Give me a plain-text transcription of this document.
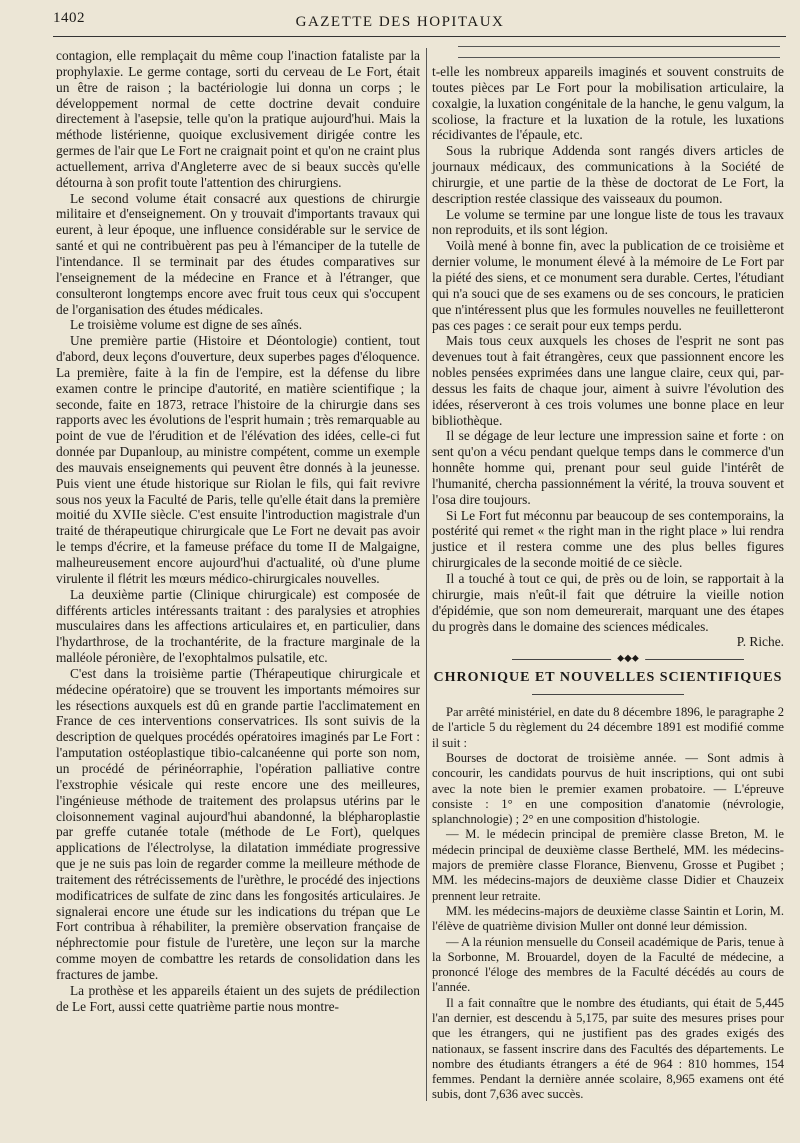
1402	GAZETTE DES HOPITAUX

contagion, elle remplaçait du même coup l'inaction fataliste par la prophylaxie. Le germe contage, sorti du cerveau de Le Fort, était un être de raison ; la bactériologie lui donna un corps ; le développement normal de cette doctrine devait conduire directement à l'asepsie, telle qu'on la pratique aujourd'hui. Mais la méthode listérienne, quoique exclusivement dirigée contre les germes de l'air que Le Fort ne craignait point et qu'on ne craint plus actuellement, arriva d'Angleterre avec de si beaux succès qu'elle détourna à son profit toute l'attention des chirurgiens.

Le second volume était consacré aux questions de chirurgie militaire et d'enseignement. On y trouvait d'importants travaux qui eurent, à leur époque, une influence considérable sur le service de santé et qui ne contribuèrent pas peu à l'émanciper de la tutelle de l'intendance. Il se terminait par des études comparatives sur l'enseignement de la médecine en France et à l'étranger, que consulteront longtemps encore avec fruit tous ceux qui s'occupent de l'organisation des études médicales.

Le troisième volume est digne de ses aînés.

Une première partie (Histoire et Déontologie) contient, tout d'abord, deux leçons d'ouverture, deux superbes pages d'éloquence. La première, faite à la fin de l'empire, est la défense du libre examen contre le principe d'autorité, en matière scientifique ; la seconde, faite en 1873, retrace l'histoire de la chirurgie dans ses rapports avec les évolutions de l'esprit humain ; très remarquable au point de vue de l'érudition et de l'élévation des idées, celle-ci fut donnée par Dupanloup, au ministre compétent, comme un exemple des mauvais enseignements qui peuvent être donnés à la jeunesse. Puis vient une étude historique sur Riolan le fils, qui fait revivre sous nos yeux la Faculté de Paris, telle qu'elle était dans la première moitié du XVIIe siècle. C'est ensuite l'introduction magistrale d'un traité de thérapeutique chirurgicale que Le Fort ne devait pas avoir le temps d'écrire, et la fameuse préface du tome II de Malgaigne, malheureusement encore aujourd'hui d'actualité, où d'une plume virulente il flétrit les mœurs médico-chirurgicales nouvelles.

La deuxième partie (Clinique chirurgicale) est composée de différents articles intéressants traitant : des paralysies et atrophies musculaires dans les affections articulaires et, en particulier, dans l'hydarthrose, de la trochantérite, de la fracture marginale de la malléole péronière, de l'exophtalmos pulsatile, etc.

C'est dans la troisième partie (Thérapeutique chirurgicale et médecine opératoire) que se trouvent les importants mémoires sur les résections auxquels est dû en grande partie l'acclimatement en France de ces interventions conservatrices. Ils sont suivis de la description de quelques procédés opératoires imaginés par Le Fort : l'amputation ostéoplastique tibio-calcanéenne qui porte son nom, un procédé de périnéorraphie, l'opération palliative contre l'exstrophie vésicale qui reste encore une des meilleures, l'ingénieuse méthode de traitement des prolapsus utérins par le cloisonnement vaginal aujourd'hui abandonné, la blépharoplastie par greffe cutanée totale (méthode de Le Fort), quelques applications de l'électrolyse, la dilatation immédiate progressive que je ne suis pas loin de regarder comme la meilleure méthode de traitement des rétrécissements de l'urèthre, le procédé des injections modificatrices de sulfate de zinc dans les fongosités articulaires. Je signalerai encore une étude sur les indications du trépan que Le Fort contribua à réhabiliter, la première observation française de néphrectomie pour fistule de l'uretère, une leçon sur la marche comme moyen de combattre les retards de consolidation dans les fractures de jambe.

La prothèse et les appareils étaient un des sujets de prédilection de Le Fort, aussi cette quatrième partie nous montre-

t-elle les nombreux appareils imaginés et souvent construits de toutes pièces par Le Fort pour la mobilisation articulaire, la coxalgie, la luxation congénitale de la hanche, le genu valgum, la scoliose, la fracture et la luxation de la rotule, les luxations récidivantes de l'épaule, etc.

Sous la rubrique Addenda sont rangés divers articles de journaux médicaux, des communications à la Société de chirurgie, et une partie de la thèse de doctorat de Le Fort, la description restée classique des vaisseaux du poumon.

Le volume se termine par une longue liste de tous les travaux non reproduits, et ils sont légion.

Voilà mené à bonne fin, avec la publication de ce troisième et dernier volume, le monument élevé à la mémoire de Le Fort par la piété des siens, et ce monument sera durable. Certes, l'étudiant qui n'a souci que de ses examens ou de ses concours, le praticien que n'intéressent plus que les formules nouvelles ne feuilletteront pas ces pages : ce serait pour eux temps perdu.

Mais tous ceux auxquels les choses de l'esprit ne sont pas devenues tout à fait étrangères, ceux que passionnent encore les nobles pensées exprimées dans une langue claire, ceux qui, par-dessus les faits de chaque jour, aiment à suivre l'évolution des idées, réserveront à ces trois volumes une bonne place en leur bibliothèque.

Il se dégage de leur lecture une impression saine et forte : on sent qu'on a vécu pendant quelque temps dans le commerce d'un honnête homme qui, prenant pour seul guide l'intérêt de l'humanité, chercha passionnément la vérité, la trouva souvent et l'osa dire toujours.

Si Le Fort fut méconnu par beaucoup de ses contemporains, la postérité qui remet « the right man in the right place » lui rendra justice et il restera comme une des plus belles figures chirurgicales de la seconde moitié de ce siècle.

Il a touché à tout ce qui, de près ou de loin, se rapportait à la chirurgie, mais n'eût-il fait que détruire la vieille notion d'épidémie, que son nom demeurerait, marquant une des étapes du progrès dans le domaine des sciences médicales.

P. Riche.

⬥◆⬥
CHRONIQUE ET NOUVELLES SCIENTIFIQUES

Par arrêté ministériel, en date du 8 décembre 1896, le paragraphe 2 de l'article 5 du règlement du 24 décembre 1891 est modifié comme il suit :

Bourses de doctorat de troisième année. — Sont admis à concourir, les candidats pourvus de huit inscriptions, qui ont subi avec la note bien le premier examen probatoire. — L'épreuve consiste : 1° en une composition d'anatomie (névrologie, splanchnologie) ; 2° en une composition d'histologie.

— M. le médecin principal de première classe Breton, M. le médecin principal de deuxième classe Berthelé, MM. les médecins-majors de première classe Florance, Bienvenu, Grosse et Pugibet ; MM. les médecins-majors de deuxième classe Didier et Chauzeix prennent leur retraite.

MM. les médecins-majors de deuxième classe Saintin et Lorin, M. l'élève de quatrième division Muller ont donné leur démission.

— A la réunion mensuelle du Conseil académique de Paris, tenue à la Sorbonne, M. Brouardel, doyen de la Faculté de médecine, a prononcé l'éloge des membres de la Faculté décédés au cours de l'année.

Il a fait connaître que le nombre des étudiants, qui était de 5,445 l'an dernier, est descendu à 5,175, par suite des mesures prises pour que les étrangers, qui ne justifient pas des grades exigés des nationaux, se fassent inscrire dans des Facultés des départements. Le nombre des étudiants étrangers a été de 964 : 810 hommes, 154 femmes. Pendant la dernière année scolaire, 8,965 examens ont été subis, dont 7,636 avec succès.
